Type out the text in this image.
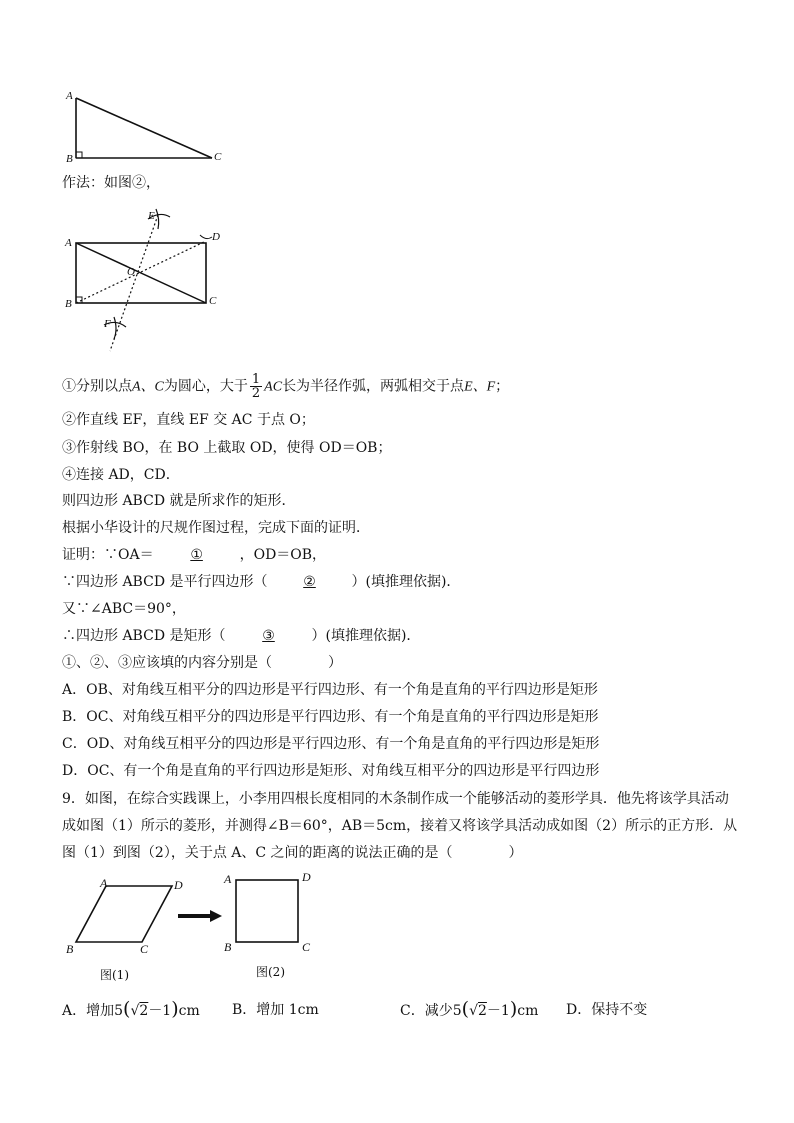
A
B	C
作法：如图②，
E
D
A
O
B	C
F
①分别以点A、C为圆心，大于 $\frac{1}{2}$ AC长为半径作弧，两弧相交于点E、F；
②作直线 EF，直线 EF 交 AC 于点 O；
③作射线 BO，在 BO 上截取 OD，使得 OD＝OB；
④连接 AD，CD．
则四边形 ABCD 就是所求作的矩形．
根据小华设计的尺规作图过程，完成下面的证明．
证明：∵OA＝	①	，OD＝OB，
∵四边形 ABCD 是平行四边形（	②	）(填推理依据)．
又∵∠ABC＝90°，
∴四边形 ABCD 是矩形（	③	）(填推理依据)．
①、②、③应该填的内容分别是（　　　　）
A．OB、对角线互相平分的四边形是平行四边形、有一个角是直角的平行四边形是矩形
B．OC、对角线互相平分的四边形是平行四边形、有一个角是直角的平行四边形是矩形
C．OD、对角线互相平分的四边形是平行四边形、有一个角是直角的平行四边形是矩形
D．OC、有一个角是直角的平行四边形是矩形、对角线互相平分的四边形是平行四边形
9．如图，在综合实践课上，小李用四根长度相同的木条制作成一个能够活动的菱形学具．他先将该学具活动
成如图（1）所示的菱形，并测得∠B＝60°，AB＝5cm，接着又将该学具活动成如图（2）所示的正方形．从
图（1）到图（2），关于点 A、C 之间的距离的说法正确的是（　　　　）
A	D
B	C
A	D
B	C
图(1)	图(2)
A．增加5(√2－1)cm B．增加 1cm	C．减少5(√2－1)cm D．保持不变
